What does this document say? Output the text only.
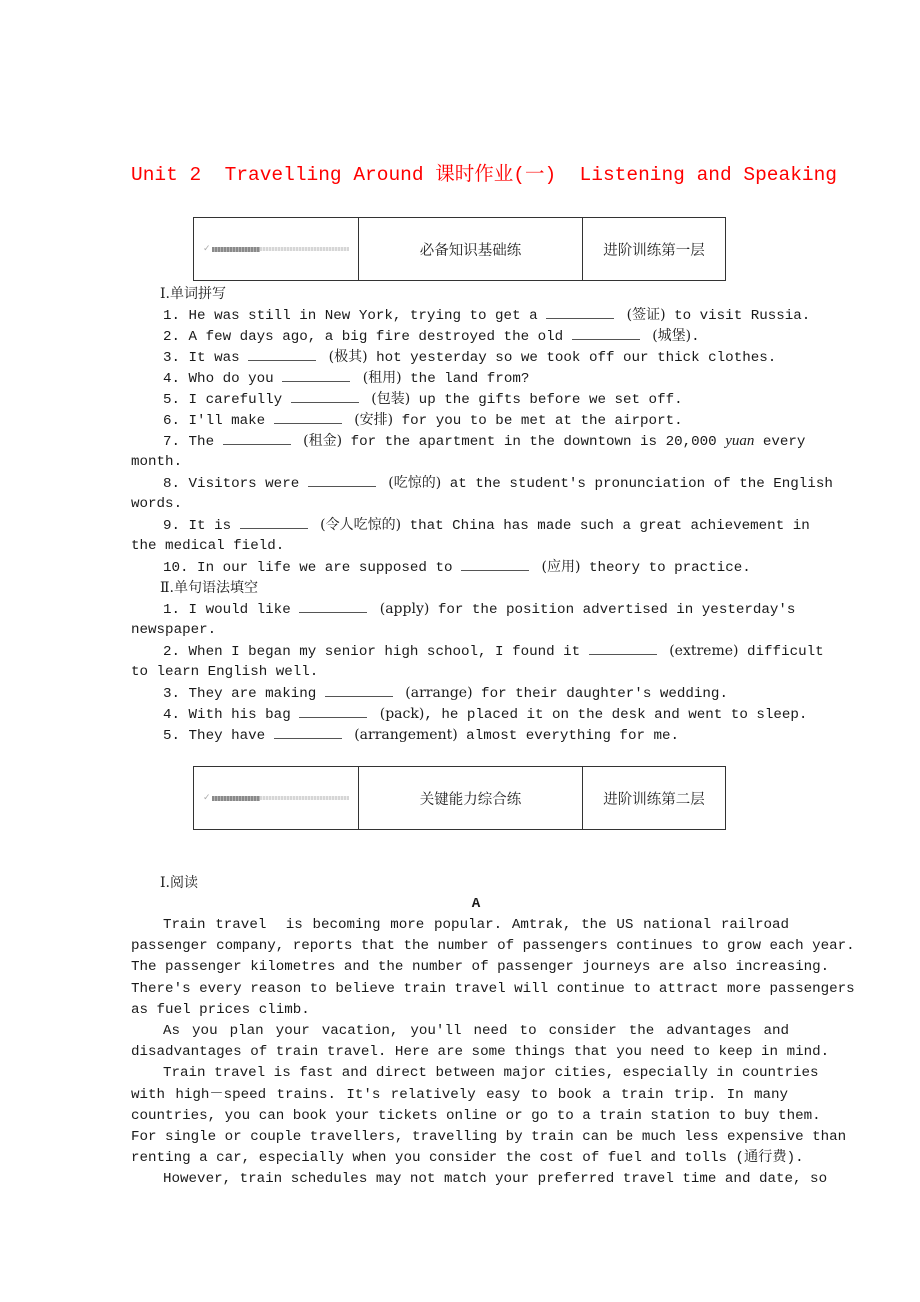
Unit 2  Travelling Around 课时作业(一)  Listening and Speaking
✓	必备知识基础练	进阶训练第一层
Ⅰ.单词拼写
1. He was still in New York, trying to get a	(签证) to visit Russia.
2. A few days ago, a big fire destroyed the old	(城堡).
3. It was	(极其) hot yesterday so we took off our thick clothes.
4. Who do you	(租用) the land from?
5. I carefully	(包装) up the gifts before we set off.
6. I'll make	(安排) for you to be met at the airport.
7. The	(租金) for the apartment in the downtown is 20,000 yuan every
month.
8. Visitors were	(吃惊的) at the student's pronunciation of the English
words.
9. It is	(令人吃惊的) that China has made such a great achievement in
the medical field.
10. In our life we are supposed to	(应用) theory to practice.
Ⅱ.单句语法填空
1. I would like	(apply) for the position advertised in yesterday's
newspaper.
2. When I began my senior high school, I found it	(extreme) difficult
to learn English well.
3. They are making	(arrange) for their daughter's wedding.
4. With his bag	(pack), he placed it on the desk and went to sleep.
5. They have	(arrangement) almost everything for me.
✓	关键能力综合练	进阶训练第二层
Ⅰ.阅读
A
Train travel  is becoming more popular. Amtrak, the US national railroad
passenger company, reports that the number of passengers continues to grow each year.
The passenger kilometres and the number of passenger journeys are also increasing.
There's every reason to believe train travel will continue to attract more passengers
as fuel prices climb.
As you plan your vacation, you'll need to consider the advantages and
disadvantages of train travel. Here are some things that you need to keep in mind.
Train travel is fast and direct between major cities, especially in countries
with high－speed trains. It's relatively easy to book a train trip. In many
countries, you can book your tickets online or go to a train station to buy them.
For single or couple travellers, travelling by train can be much less expensive than
renting a car, especially when you consider the cost of fuel and tolls (通行费).
However, train schedules may not match your preferred travel time and date, so
